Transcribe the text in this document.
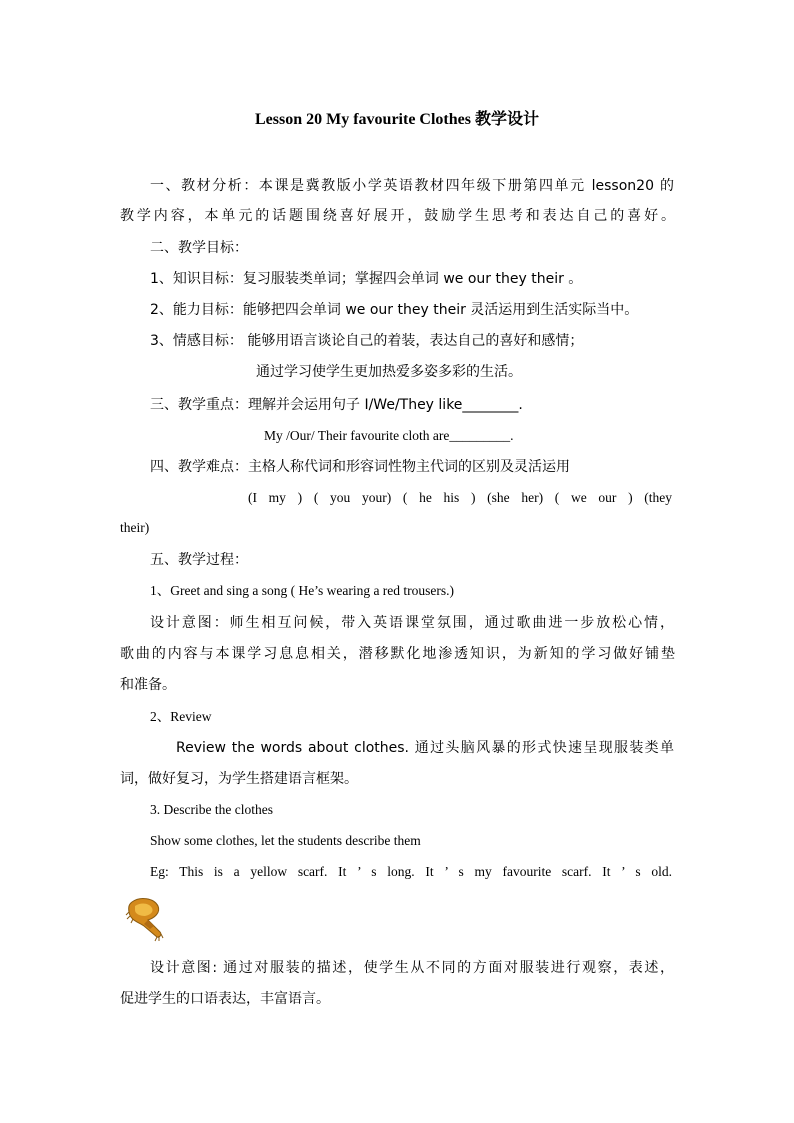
Lesson 20 My favourite Clothes 教学设计
一、教材分析：本课是冀教版小学英语教材四年级下册第四单元 lesson20 的
教学内容，本单元的话题围绕喜好展开，鼓励学生思考和表达自己的喜好。
二、教学目标：
1、知识目标：复习服装类单词；掌握四会单词 we our they their 。
2、能力目标：能够把四会单词 we our they their 灵活运用到生活实际当中。
3、情感目标： 能够用语言谈论自己的着装，表达自己的喜好和感情；
通过学习使学生更加热爱多姿多彩的生活。
三、教学重点：理解并会运用句子 I/We/They like________.
My /Our/ Their favourite cloth are_________.
四、教学难点：主格人称代词和形容词性物主代词的区别及灵活运用
(I my ) ( you your) ( he his ) (she her) ( we our ) (they
their)
五、教学过程：
1、Greet and sing a song ( He’s wearing a red trousers.)
设计意图：师生相互问候，带入英语课堂氛围，通过歌曲进一步放松心情，
歌曲的内容与本课学习息息相关，潜移默化地渗透知识，为新知的学习做好铺垫
和准备。
2、Review
Review the words about clothes. 通过头脑风暴的形式快速呈现服装类单
词，做好复习，为学生搭建语言框架。
3. Describe the clothes
Show some clothes, let the students describe them
Eg: This is a yellow scarf. It ’ s long. It ’ s my favourite scarf. It ’ s old.
设计意图: 通过对服装的描述，使学生从不同的方面对服装进行观察，表述，
促进学生的口语表达，丰富语言。
